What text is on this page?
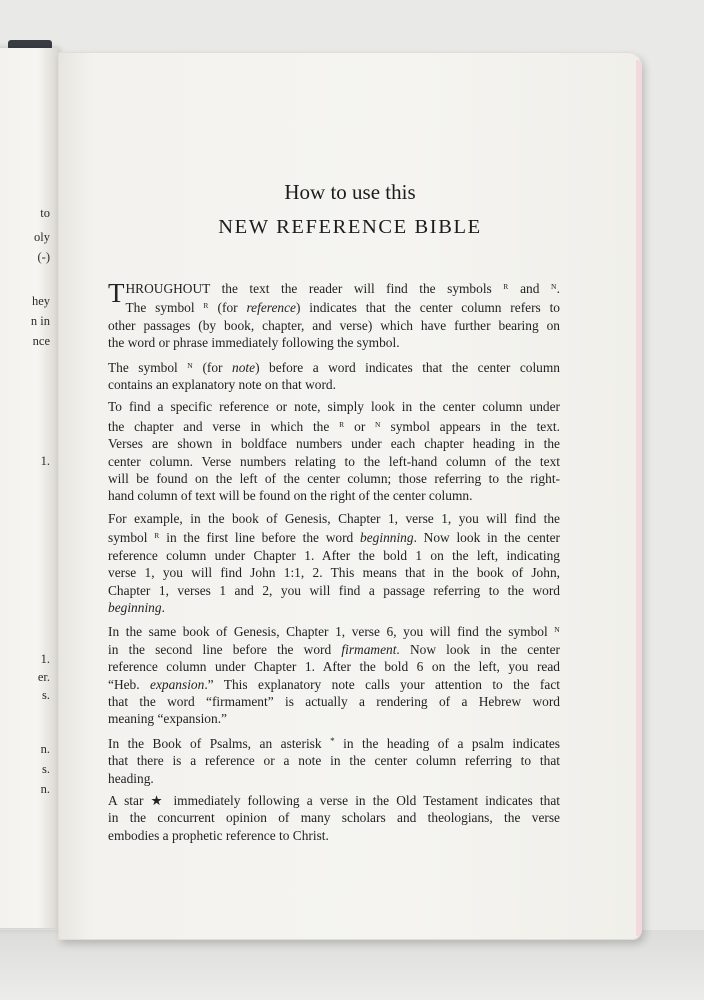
to
oly
(-)
hey
n in
nce
1.
1.
er.
s.
n.
s.
n.
How to use this
NEW REFERENCE BIBLE

THROUGHOUT the text the reader will find the symbols $^R$ and $^N$.
The symbol $^R$ (for reference) indicates that the center column refers to
other passages (by book, chapter, and verse) which have further bearing on
the word or phrase immediately following the symbol.

The symbol $^N$ (for note) before a word indicates that the center column
contains an explanatory note on that word.

To find a specific reference or note, simply look in the center column under
the chapter and verse in which the $^R$ or $^N$ symbol appears in the text.
Verses are shown in boldface numbers under each chapter heading in the
center column. Verse numbers relating to the left-hand column of the text
will be found on the left of the center column; those referring to the right-
hand column of text will be found on the right of the center column.

For example, in the book of Genesis, Chapter 1, verse 1, you will find the
symbol $^R$ in the first line before the word beginning. Now look in the center
reference column under Chapter 1. After the bold 1 on the left, indicating
verse 1, you will find John 1:1, 2. This means that in the book of John,
Chapter 1, verses 1 and 2, you will find a passage referring to the word
beginning.

In the same book of Genesis, Chapter 1, verse 6, you will find the symbol $^N$
in the second line before the word firmament. Now look in the center
reference column under Chapter 1. After the bold 6 on the left, you read
“Heb. expansion.” This explanatory note calls your attention to the fact
that the word “firmament” is actually a rendering of a Hebrew word
meaning “expansion.”

In the Book of Psalms, an asterisk * in the heading of a psalm indicates
that there is a reference or a note in the center column referring to that
heading.

A star ★ immediately following a verse in the Old Testament indicates that
in the concurrent opinion of many scholars and theologians, the verse
embodies a prophetic reference to Christ.
